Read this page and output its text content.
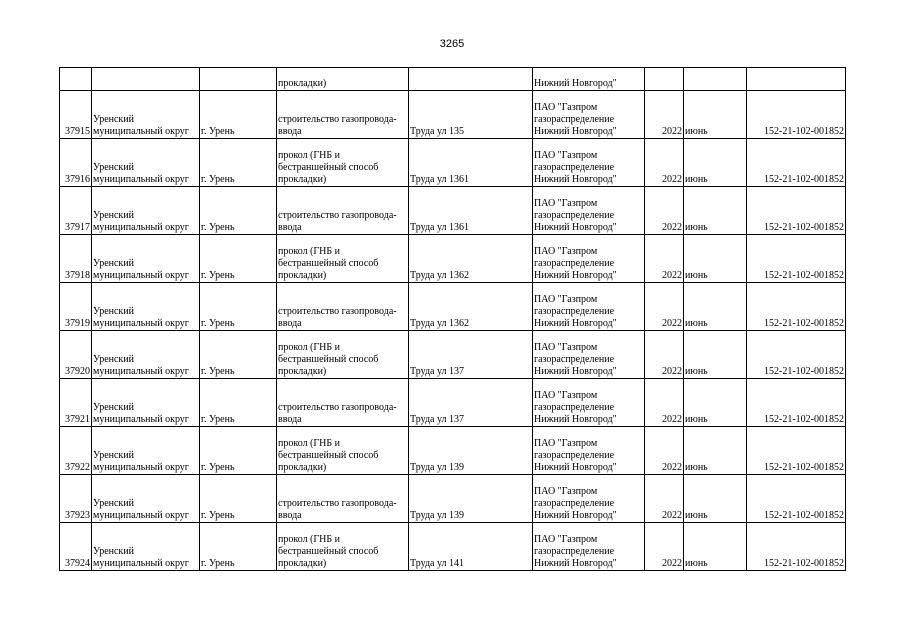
3265
			прокладки)		Нижний Новгород"			
37915	Уренский
муниципальный округ	г. Урень	строительство газопровода-
ввода	Труда ул 135	ПАО "Газпром
газораспределение
Нижний Новгород"	2022	июнь	152-21-102-001852
37916	Уренский
муниципальный округ	г. Урень	прокол (ГНБ и
бестраншейный способ
прокладки)	Труда ул 1361	ПАО "Газпром
газораспределение
Нижний Новгород"	2022	июнь	152-21-102-001852
37917	Уренский
муниципальный округ	г. Урень	строительство газопровода-
ввода	Труда ул 1361	ПАО "Газпром
газораспределение
Нижний Новгород"	2022	июнь	152-21-102-001852
37918	Уренский
муниципальный округ	г. Урень	прокол (ГНБ и
бестраншейный способ
прокладки)	Труда ул 1362	ПАО "Газпром
газораспределение
Нижний Новгород"	2022	июнь	152-21-102-001852
37919	Уренский
муниципальный округ	г. Урень	строительство газопровода-
ввода	Труда ул 1362	ПАО "Газпром
газораспределение
Нижний Новгород"	2022	июнь	152-21-102-001852
37920	Уренский
муниципальный округ	г. Урень	прокол (ГНБ и
бестраншейный способ
прокладки)	Труда ул 137	ПАО "Газпром
газораспределение
Нижний Новгород"	2022	июнь	152-21-102-001852
37921	Уренский
муниципальный округ	г. Урень	строительство газопровода-
ввода	Труда ул 137	ПАО "Газпром
газораспределение
Нижний Новгород"	2022	июнь	152-21-102-001852
37922	Уренский
муниципальный округ	г. Урень	прокол (ГНБ и
бестраншейный способ
прокладки)	Труда ул 139	ПАО "Газпром
газораспределение
Нижний Новгород"	2022	июнь	152-21-102-001852
37923	Уренский
муниципальный округ	г. Урень	строительство газопровода-
ввода	Труда ул 139	ПАО "Газпром
газораспределение
Нижний Новгород"	2022	июнь	152-21-102-001852
37924	Уренский
муниципальный округ	г. Урень	прокол (ГНБ и
бестраншейный способ
прокладки)	Труда ул 141	ПАО "Газпром
газораспределение
Нижний Новгород"	2022	июнь	152-21-102-001852
